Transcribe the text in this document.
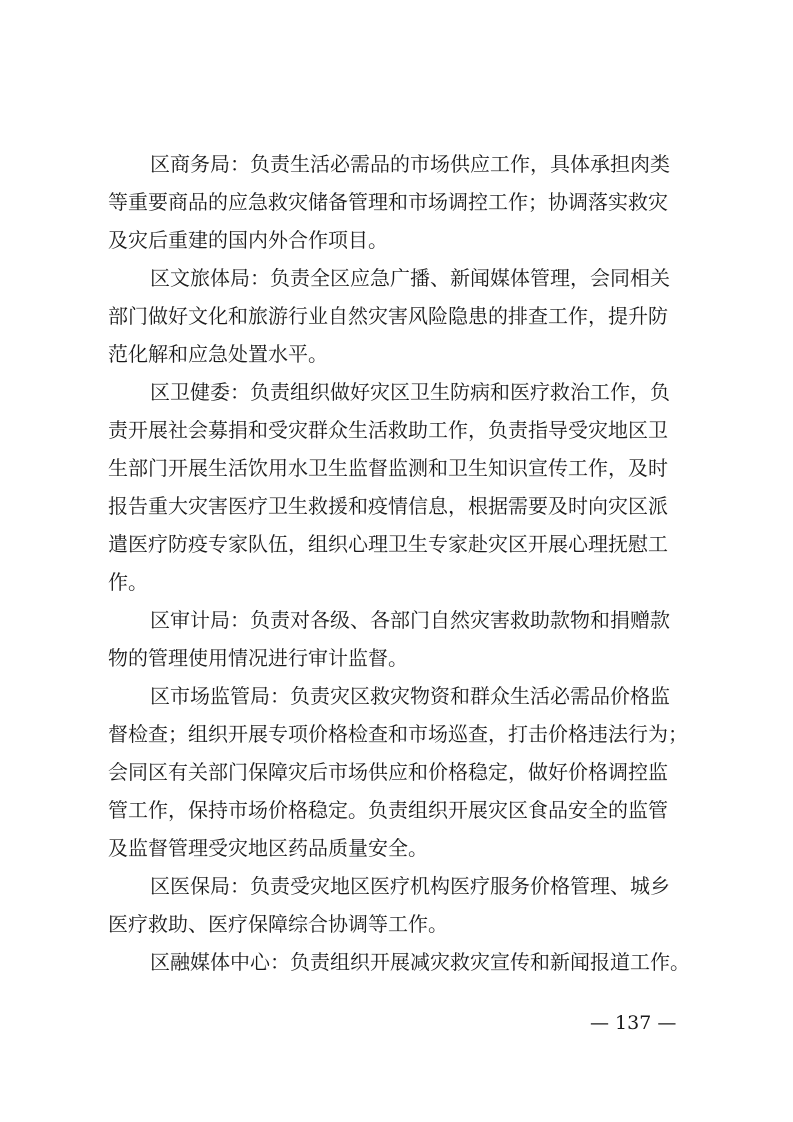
区商务局：负责生活必需品的市场供应工作，具体承担肉类
等重要商品的应急救灾储备管理和市场调控工作；协调落实救灾
及灾后重建的国内外合作项目。
区文旅体局：负责全区应急广播、新闻媒体管理，会同相关
部门做好文化和旅游行业自然灾害风险隐患的排查工作，提升防
范化解和应急处置水平。
区卫健委：负责组织做好灾区卫生防病和医疗救治工作，负
责开展社会募捐和受灾群众生活救助工作，负责指导受灾地区卫
生部门开展生活饮用水卫生监督监测和卫生知识宣传工作，及时
报告重大灾害医疗卫生救援和疫情信息，根据需要及时向灾区派
遣医疗防疫专家队伍，组织心理卫生专家赴灾区开展心理抚慰工
作。
区审计局：负责对各级、各部门自然灾害救助款物和捐赠款
物的管理使用情况进行审计监督。
区市场监管局：负责灾区救灾物资和群众生活必需品价格监
督检查；组织开展专项价格检查和市场巡查，打击价格违法行为；
会同区有关部门保障灾后市场供应和价格稳定，做好价格调控监
管工作，保持市场价格稳定。负责组织开展灾区食品安全的监管
及监督管理受灾地区药品质量安全。
区医保局：负责受灾地区医疗机构医疗服务价格管理、城乡
医疗救助、医疗保障综合协调等工作。
区融媒体中心：负责组织开展减灾救灾宣传和新闻报道工作。
— 137 —
